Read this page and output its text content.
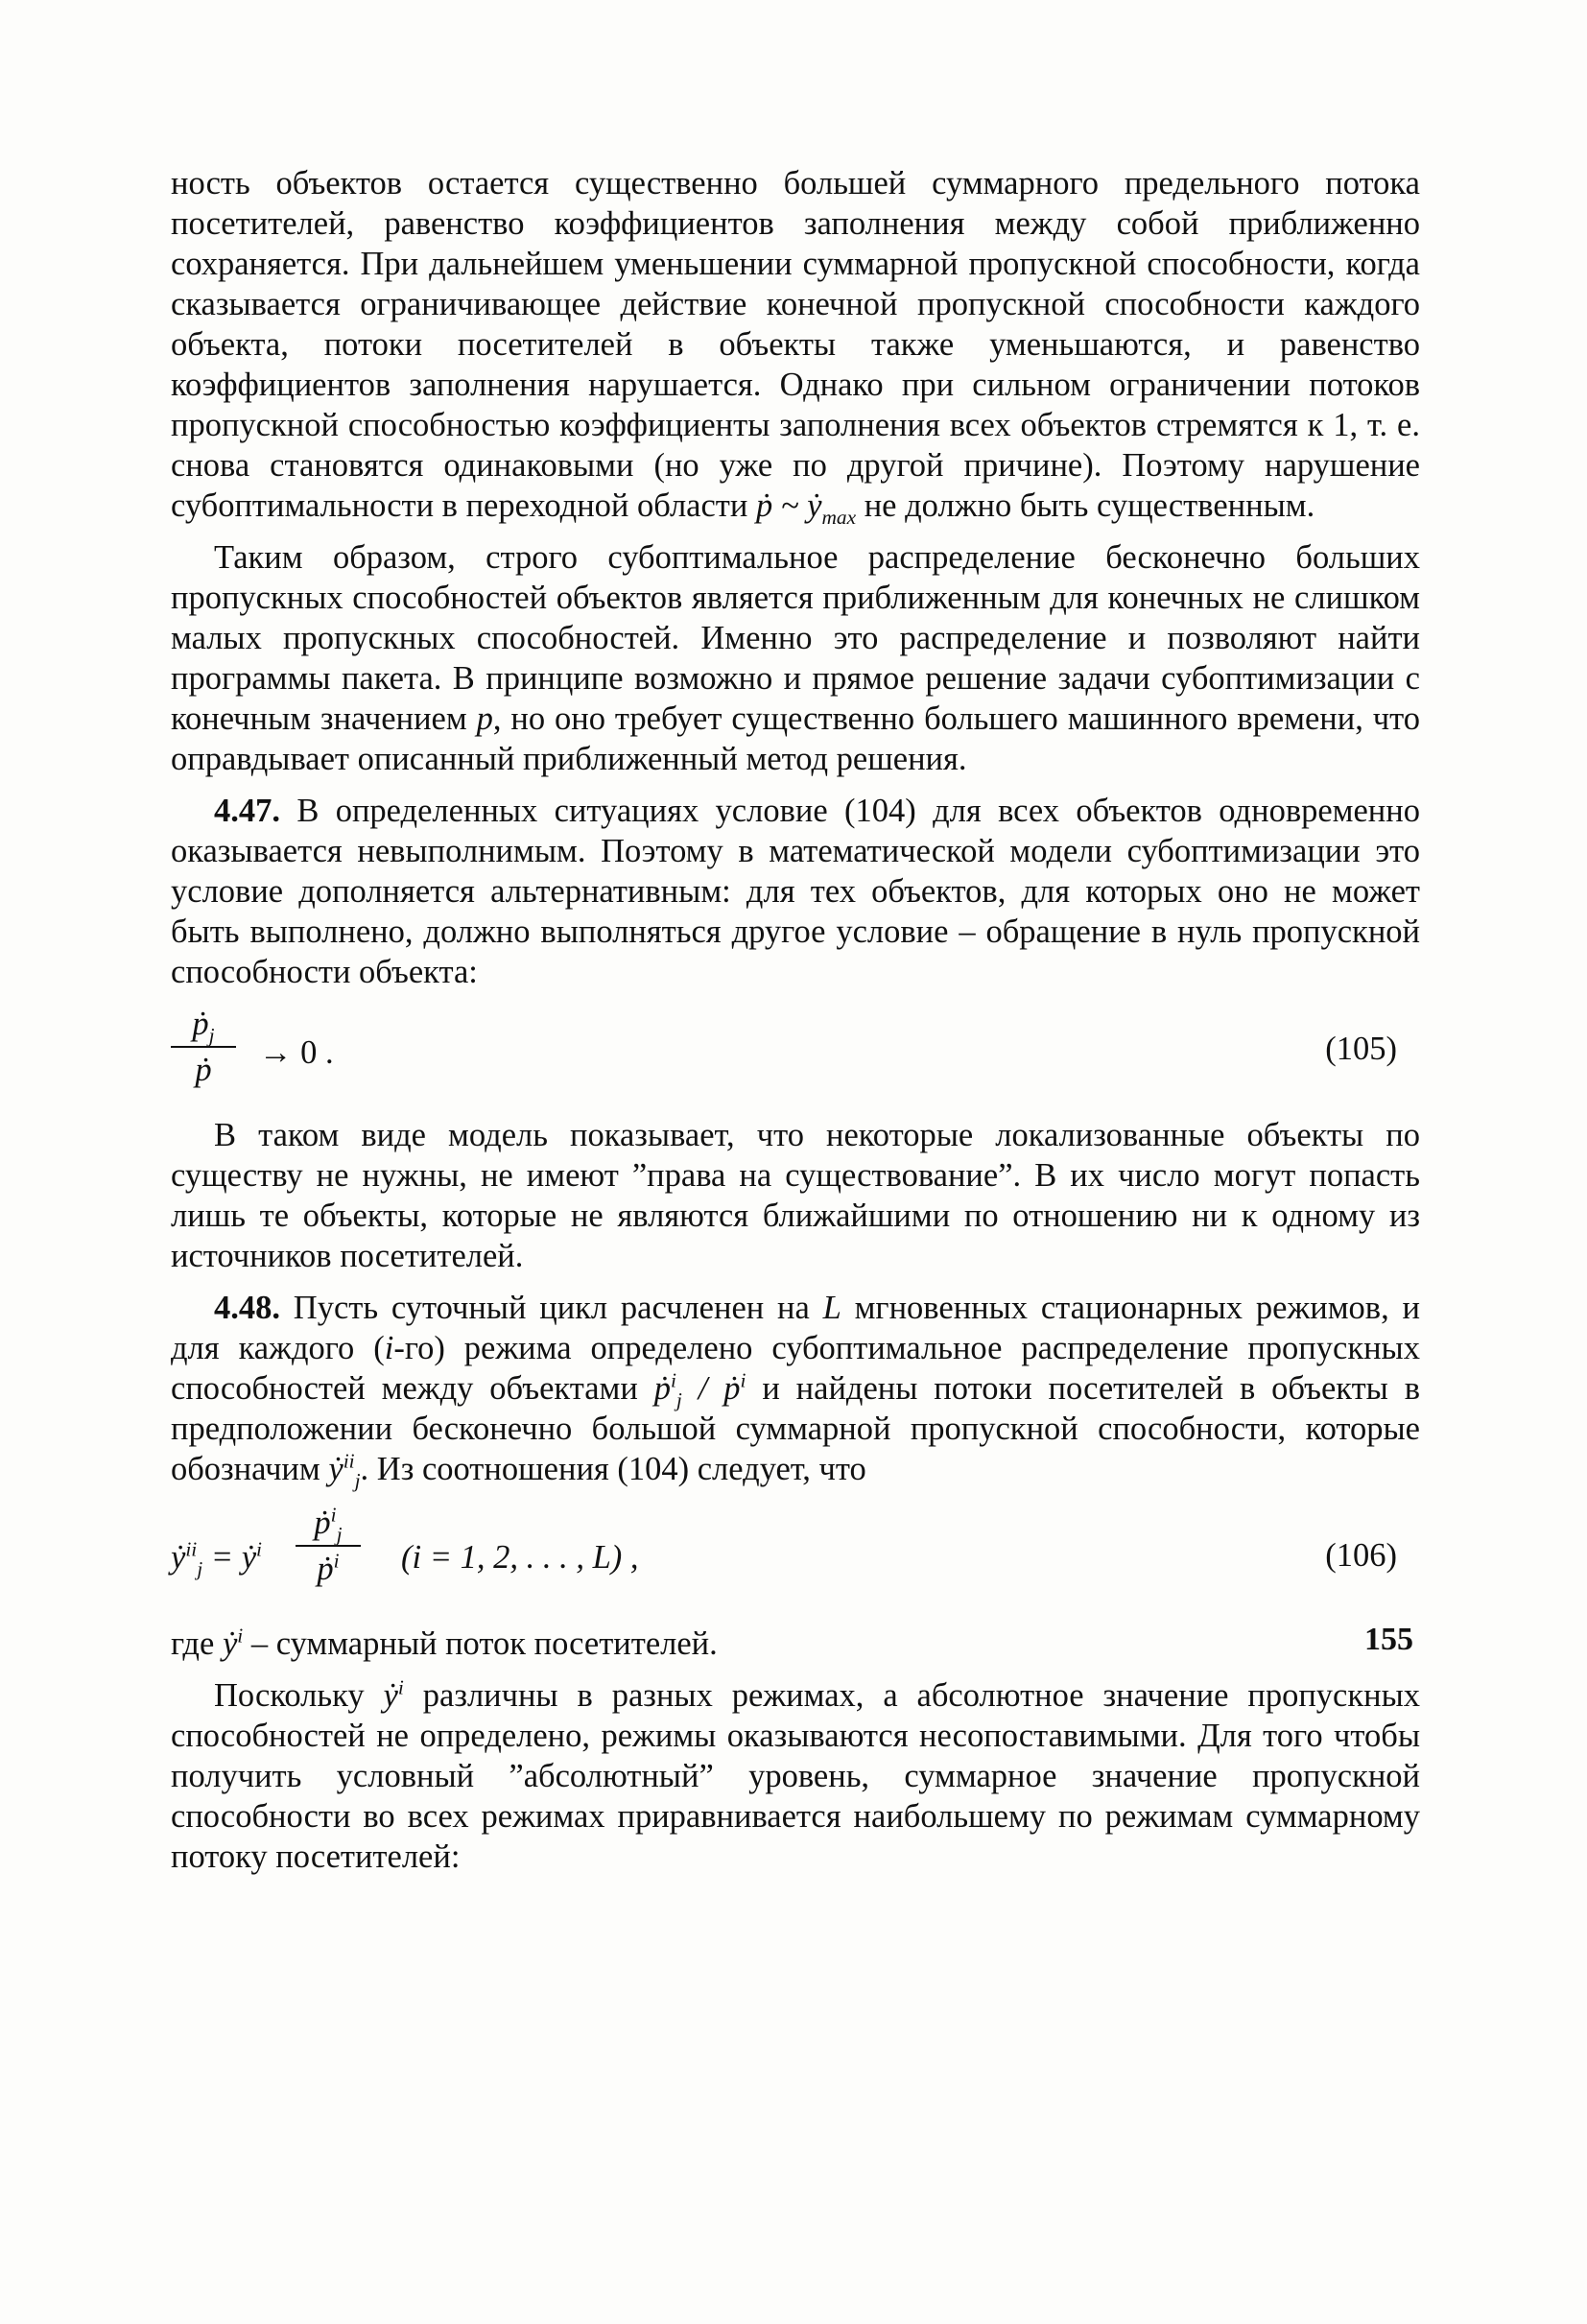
ность объектов остается существенно большей суммарного предельного потока посетителей, равенство коэффициентов заполнения между собой приближенно сохраняется. При дальнейшем уменьшении суммарной пропускной способности, когда сказывается ограничивающее действие конечной пропускной способности каждого объекта, потоки посетителей в объекты также уменьшаются, и равенство коэффициентов заполнения нарушается. Однако при сильном ограничении потоков пропускной способностью коэффициенты заполнения всех объектов стремятся к 1, т. е. снова становятся одинаковыми (но уже по другой причине). Поэтому нарушение субоптимальности в переходной области ṗ ~ ẏ$_{max}$ не должно быть существенным.

Таким образом, строго субоптимальное распределение бесконечно больших пропускных способностей объектов является приближенным для конечных не слишком малых пропускных способностей. Именно это распределение и позволяют найти программы пакета. В принципе возможно и прямое решение задачи субоптимизации с конечным значением p, но оно требует существенно большего машинного времени, что оправдывает описанный приближенный метод решения.

4.47. В определенных ситуациях условие (104) для всех объектов одновременно оказывается невыполнимым. Поэтому в математической модели субоптимизации это условие дополняется альтернативным: для тех объектов, для которых оно не может быть выполнено, должно выполняться другое условие – обращение в нуль пропускной способности объекта:

ṗ$_j$
ṗ → 0 .	(105)

В таком виде модель показывает, что некоторые локализованные объекты по существу не нужны, не имеют ”права на существование”. В их число могут попасть лишь те объекты, которые не являются ближайшими по отношению ни к одному из источников посетителей.

4.48. Пусть суточный цикл расчленен на L мгновенных стационарных режимов, и для каждого (i-го) режима определено субоптимальное распределение пропускных способностей между объектами ṗ$^i_j$ / ṗ$^i$ и найдены потоки посетителей в объекты в предположении бесконечно большой суммарной пропускной способности, которые обозначим ẏ$^{ii}_j$. Из соотношения (104) следует, что

ẏ$^{ii}_j$ = ẏ$^i$
ṗ$^i_j$
ṗ$^i$ (i = 1, 2, . . . , L) ,	(106)

где ẏ$^i$ – суммарный поток посетителей.

Поскольку ẏ$^i$ различны в разных режимах, а абсолютное значение пропускных способностей не определено, режимы оказываются несопоставимыми. Для того чтобы получить условный ”абсолютный” уровень, суммарное значение пропускной способности во всех режимах приравнивается наибольшему по режимам суммарному потоку посетителей:

155
